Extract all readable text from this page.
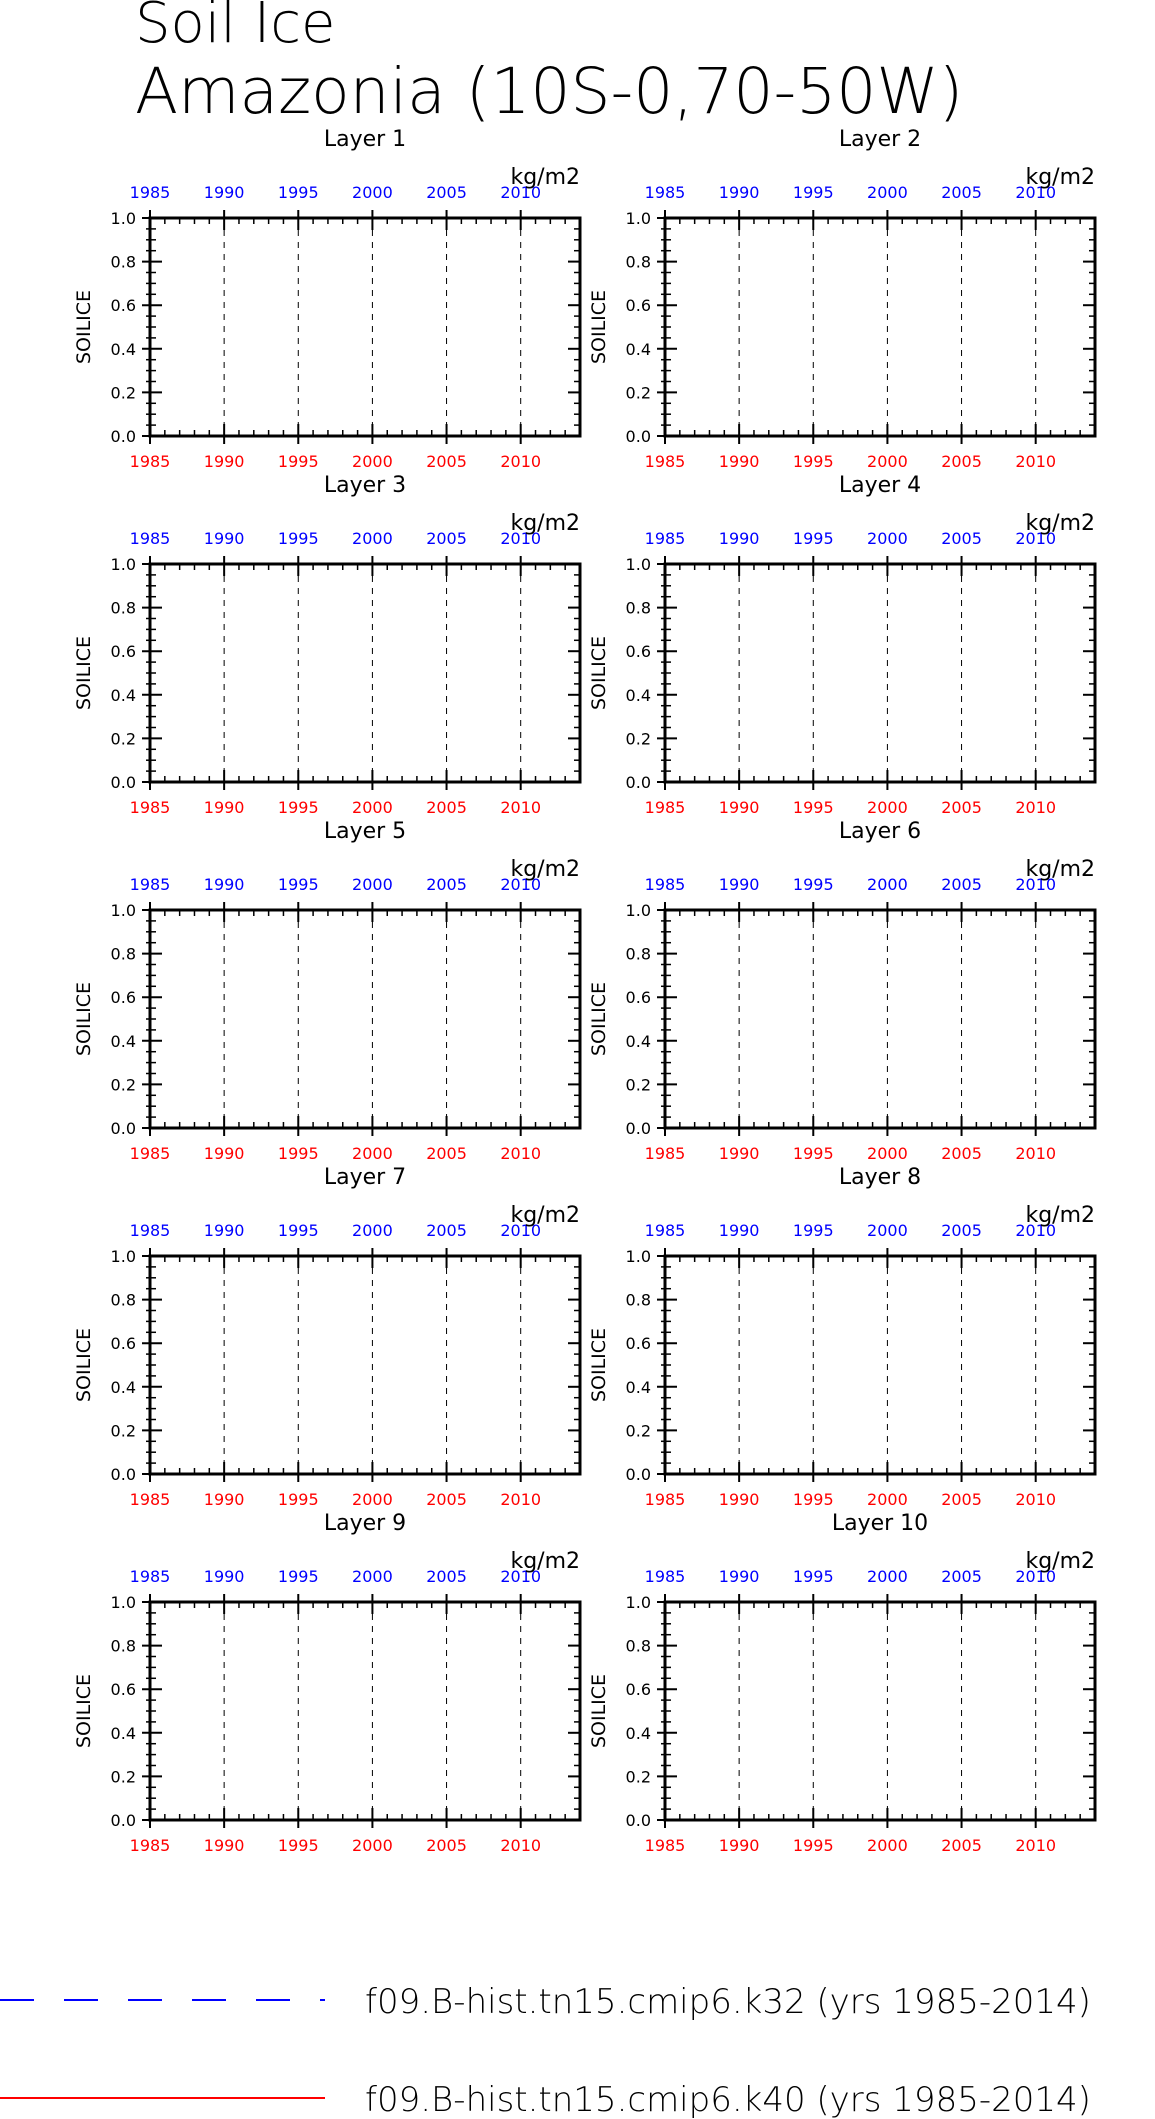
Soil Ice
Amazonia (10S-0,70-50W)
1985
1985
1990
1990
1995
1995
2000
2000
2005
2005
2010
2010
0.0
0.2
0.4
0.6
0.8
1.0
Layer 1
kg/m2
SOILICE
1985
1985
1990
1990
1995
1995
2000
2000
2005
2005
2010
2010
0.0
0.2
0.4
0.6
0.8
1.0
Layer 2
kg/m2
SOILICE
1985
1985
1990
1990
1995
1995
2000
2000
2005
2005
2010
2010
0.0
0.2
0.4
0.6
0.8
1.0
Layer 3
kg/m2
SOILICE
1985
1985
1990
1990
1995
1995
2000
2000
2005
2005
2010
2010
0.0
0.2
0.4
0.6
0.8
1.0
Layer 4
kg/m2
SOILICE
1985
1985
1990
1990
1995
1995
2000
2000
2005
2005
2010
2010
0.0
0.2
0.4
0.6
0.8
1.0
Layer 5
kg/m2
SOILICE
1985
1985
1990
1990
1995
1995
2000
2000
2005
2005
2010
2010
0.0
0.2
0.4
0.6
0.8
1.0
Layer 6
kg/m2
SOILICE
1985
1985
1990
1990
1995
1995
2000
2000
2005
2005
2010
2010
0.0
0.2
0.4
0.6
0.8
1.0
Layer 7
kg/m2
SOILICE
1985
1985
1990
1990
1995
1995
2000
2000
2005
2005
2010
2010
0.0
0.2
0.4
0.6
0.8
1.0
Layer 8
kg/m2
SOILICE
1985
1985
1990
1990
1995
1995
2000
2000
2005
2005
2010
2010
0.0
0.2
0.4
0.6
0.8
1.0
Layer 9
kg/m2
SOILICE
1985
1985
1990
1990
1995
1995
2000
2000
2005
2005
2010
2010
0.0
0.2
0.4
0.6
0.8
1.0
Layer 10
kg/m2
SOILICE
f09.B-hist.tn15.cmip6.k32 (yrs 1985-2014)
f09.B-hist.tn15.cmip6.k40 (yrs 1985-2014)
